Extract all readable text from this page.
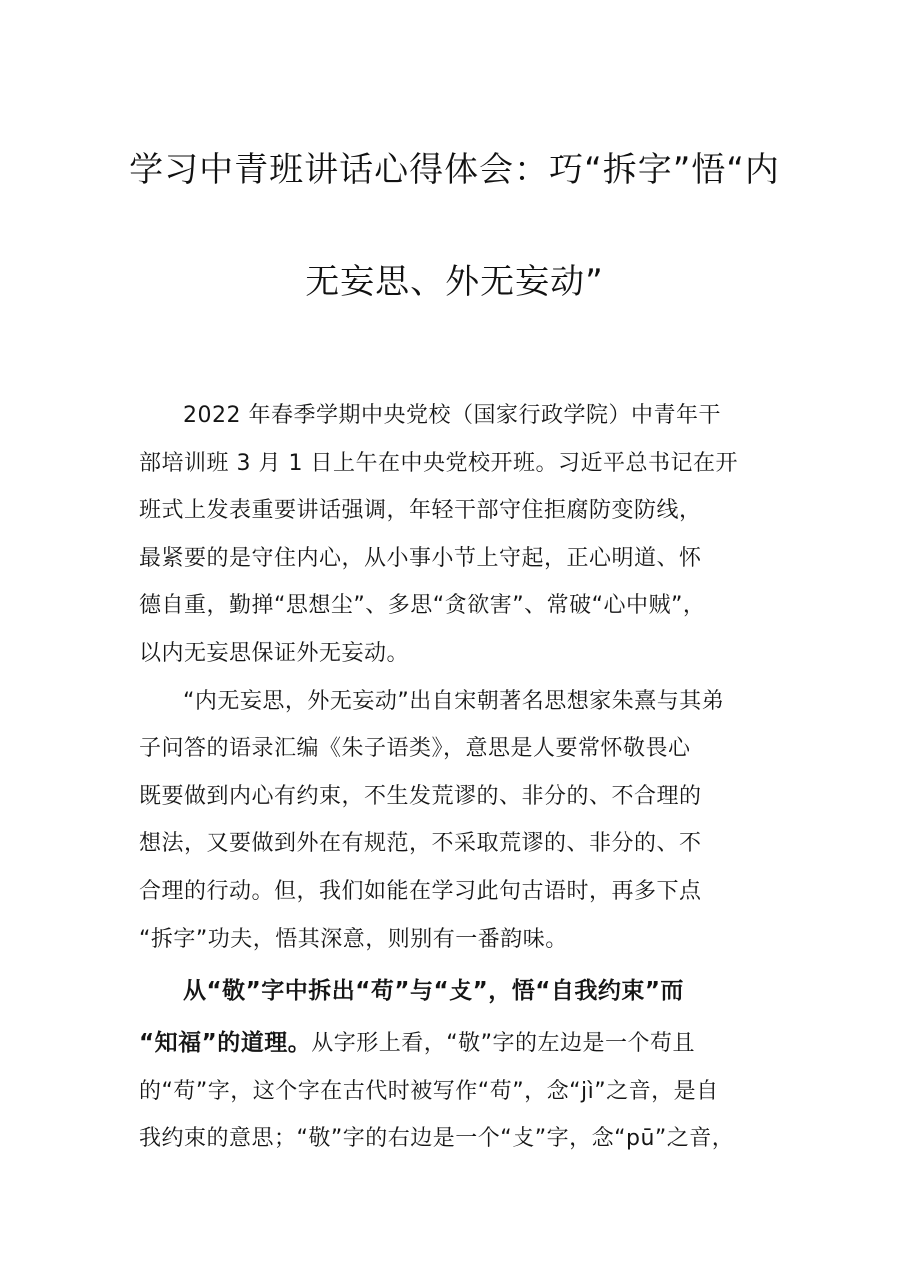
学习中青班讲话心得体会：巧“拆字”悟“内
无妄思、外无妄动”
2022 年春季学期中央党校（国家行政学院）中青年干
部培训班 3 月 1 日上午在中央党校开班。习近平总书记在开
班式上发表重要讲话强调，年轻干部守住拒腐防变防线，
最紧要的是守住内心，从小事小节上守起，正心明道、怀
德自重，勤掸“思想尘”、多思“贪欲害”、常破“心中贼”，
以内无妄思保证外无妄动。
“内无妄思，外无妄动”出自宋朝著名思想家朱熹与其弟
子问答的语录汇编《朱子语类》，意思是人要常怀敬畏心
既要做到内心有约束，不生发荒谬的、非分的、不合理的
想法，又要做到外在有规范，不采取荒谬的、非分的、不
合理的行动。但，我们如能在学习此句古语时，再多下点
“拆字”功夫，悟其深意，则别有一番韵味。
从“敬”字中拆出“苟”与“攴”，悟“自我约束”而
“知福”的道理。从字形上看，“敬”字的左边是一个苟且
的“苟”字，这个字在古代时被写作“苟”，念“jì”之音，是自
我约束的意思；“敬”字的右边是一个“攴”字，念“pū”之音，
